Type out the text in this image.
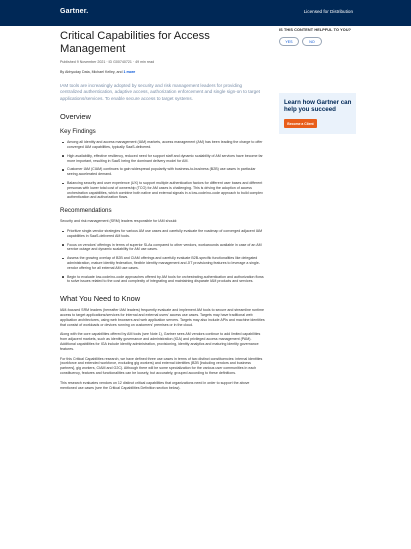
Gartner.	Licensed for Distribution
Critical Capabilities for Access Management
Published 9 November 2021 · ID G00740721 · 49 min read
By Abhyuday Data, Michael Kelley, and 1 more

IAM tools are increasingly adopted by security and risk management leaders for providing centralized authentication, adaptive access, authorization enforcement and single sign-on to target applications/services. To enable secure access to target systems.

Overview
Key Findings
Among all identity and access management (IAM) markets, access management (AM) has been leading the charge to offer converged IAM capabilities, typically SaaS-delivered.
High availability, effective resiliency, reduced need for support staff and dynamic scalability of AM services have become far more important, resulting in SaaS being the dominant delivery model for AM.
Customer IAM (CIAM) continues to gain widespread popularity with business-to-business (B2B) use cases in particular seeing accelerated demand.
Balancing security and user experience (UX) to support multiple authentication factors for different user bases and different personas with lower total cost of ownership (TCO) for AM cases is challenging. This is driving the adoption of access orchestration capabilities, which combine both native and external signals in a low-code/no-code approach to build complex authentication and authorization flows.
Recommendations

Security and risk management (SRM) leaders responsible for IAM should:

Prioritize single-vendor strategies for various AM use cases and carefully evaluate the roadmap of converged adjacent IAM capabilities in SaaS-delivered AM tools.
Focus on vendors' offerings in terms of superior SLAs compared to other vendors, workarounds available in case of an AM service outage and dynamic scalability for AM use cases.
Assess the growing overlap of B2B and CIAM offerings and carefully evaluate B2B-specific functionalities like delegated administration, mature identity federation, flexible identity management and JIT provisioning features to leverage a single-vendor offering for all external AM use cases.
Begin to evaluate low-code/no-code approaches offered by AM tools for orchestrating authentication and authorization flows to solve issues related to the cost and complexity of integrating and maintaining disparate IAM products and services.
What You Need to Know

IAM-focused SRM leaders (hereafter IAM leaders) frequently evaluate and implement AM tools to secure and streamline runtime access to target applications/services for internal and external users' access use cases. Targets may have traditional web application architectures, using web browsers and web application servers. Targets may also include APIs and machine identities that consist of workloads or devices running on customers' premises or in the cloud.

Along with the core capabilities offered by AM tools (see Note 1), Gartner sees AM vendors continue to add limited capabilities from adjacent markets, such as identity governance and administration (IGA) and privileged access management (PAM). Additional capabilities for IGA include identity administration, provisioning, identity analytics and maturing identity governance features.

For this Critical Capabilities research, we have defined three use cases in terms of two distinct constituencies: internal identities (workforce and extended workforce, excluding gig workers) and external identities (B2B [including vendors and business partners], gig workers, CIAM and G2C). Although there will be some specialization for the various user communities in each constituency, features and functionalities can be loosely, but accurately, grouped according to these definitions.

This research evaluates vendors on 12 distinct critical capabilities that organizations need in order to support the above mentioned use cases (see the Critical Capabilities Definition section below).

IS THIS CONTENT HELPFUL TO YOU?
YES	NO
Learn how Gartner can help you succeed
Become a Client
